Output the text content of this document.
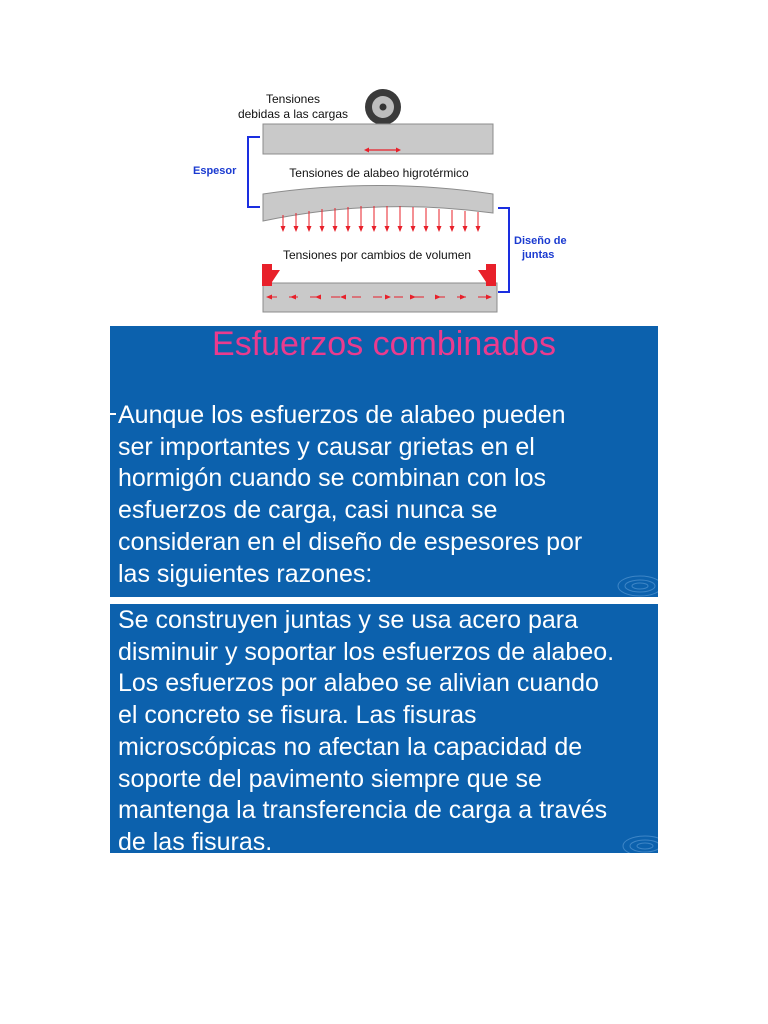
Tensiones
debidas a las cargas
Espesor	Tensiones de alabeo higrotérmico
Diseño de
juntas
Tensiones por cambios de volumen
Esfuerzos combinados

Aunque los esfuerzos de alabeo pueden
ser importantes y causar grietas en el
hormigón cuando se combinan con los
esfuerzos de carga, casi nunca se
consideran en el diseño de espesores por
las siguientes razones:

Se construyen juntas y se usa acero para
disminuir y soportar los esfuerzos de alabeo.
Los esfuerzos por alabeo se alivian cuando
el concreto se fisura. Las fisuras
microscópicas no afectan la capacidad de
soporte del pavimento siempre que se
mantenga la transferencia de carga a través
de las fisuras.
